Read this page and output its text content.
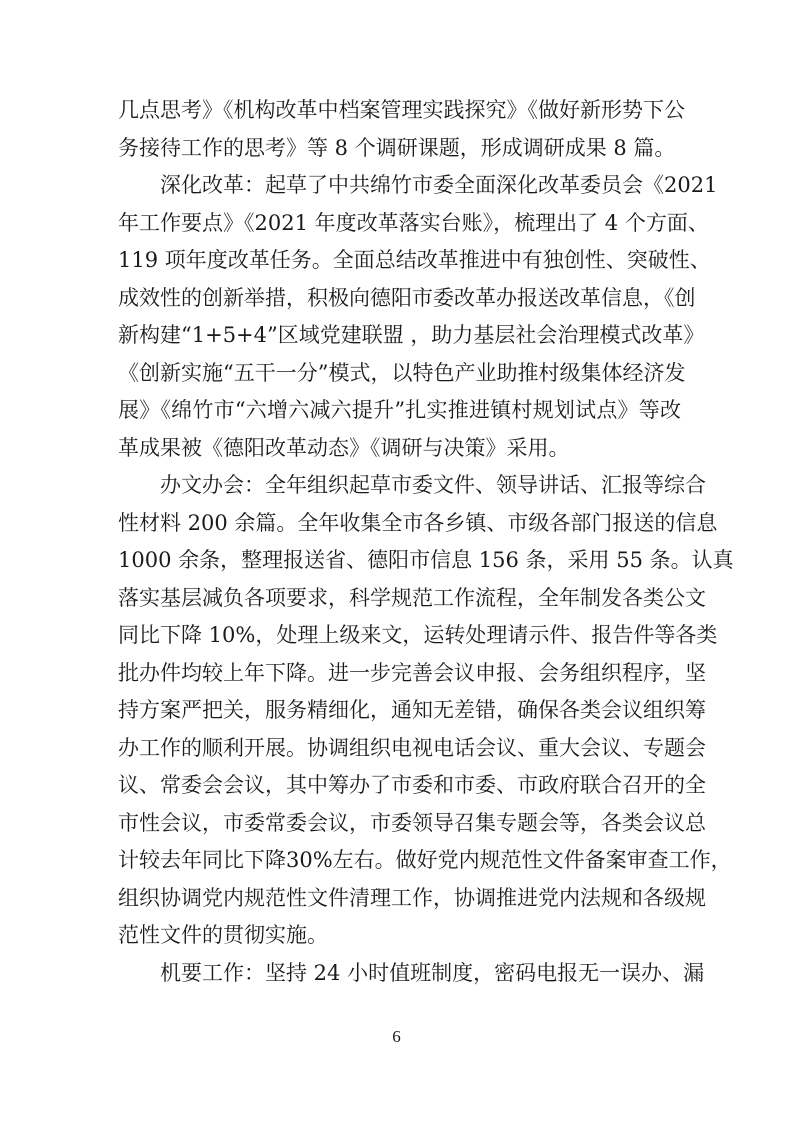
几点思考》《机构改革中档案管理实践探究》《做好新形势下公
务接待工作的思考》等 8 个调研课题，形成调研成果 8 篇。
深化改革：起草了中共绵竹市委全面深化改革委员会《2021
年工作要点》《2021 年度改革落实台账》，梳理出了 4 个方面、
119 项年度改革任务。全面总结改革推进中有独创性、突破性、
成效性的创新举措，积极向德阳市委改革办报送改革信息，《创
新构建“1+5+4”区域党建联盟 ，助力基层社会治理模式改革》
《创新实施“五干一分”模式，以特色产业助推村级集体经济发
展》《绵竹市“六增六减六提升”扎实推进镇村规划试点》等改
革成果被《德阳改革动态》《调研与决策》采用。
办文办会：全年组织起草市委文件、领导讲话、汇报等综合
性材料 200 余篇。全年收集全市各乡镇、市级各部门报送的信息
1000 余条，整理报送省、德阳市信息 156 条，采用 55 条。认真
落实基层减负各项要求，科学规范工作流程，全年制发各类公文
同比下降 10%，处理上级来文，运转处理请示件、报告件等各类
批办件均较上年下降。进一步完善会议申报、会务组织程序，坚
持方案严把关，服务精细化，通知无差错，确保各类会议组织筹
办工作的顺利开展。协调组织电视电话会议、重大会议、专题会
议、常委会会议，其中筹办了市委和市委、市政府联合召开的全
市性会议，市委常委会议，市委领导召集专题会等，各类会议总
计较去年同比下降30%左右。做好党内规范性文件备案审查工作，
组织协调党内规范性文件清理工作，协调推进党内法规和各级规
范性文件的贯彻实施。
机要工作：坚持 24 小时值班制度，密码电报无一误办、漏
6
